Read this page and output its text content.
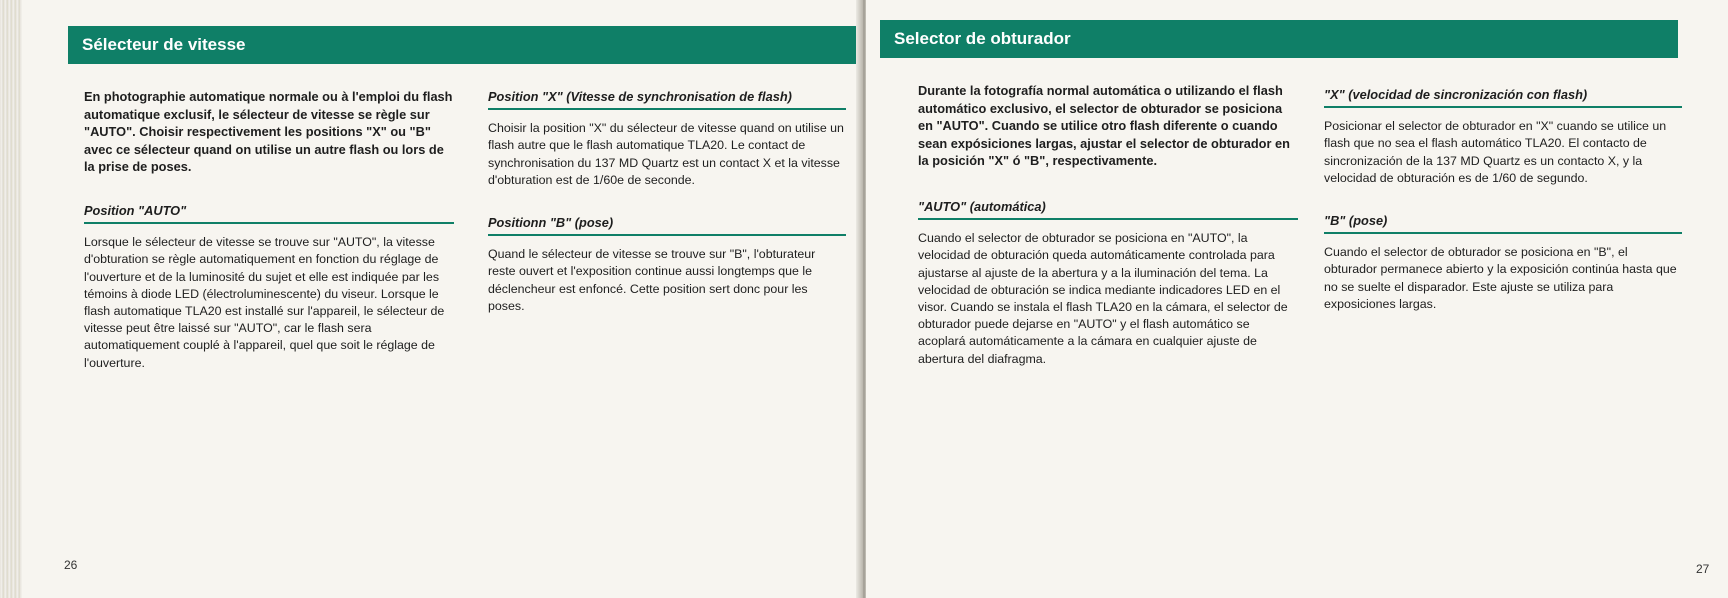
Sélecteur de vitesse

En photographie automatique normale ou à l'emploi du flash automatique exclusif, le sélecteur de vitesse se règle sur "AUTO". Choisir respectivement les positions "X" ou "B" avec ce sélecteur quand on utilise un autre flash ou lors de la prise de poses.

Position "AUTO"

Lorsque le sélecteur de vitesse se trouve sur "AUTO", la vitesse d'obturation se règle automatiquement en fonction du réglage de l'ouverture et de la luminosité du sujet et elle est indiquée par les témoins à diode LED (électroluminescente) du viseur. Lorsque le flash automatique TLA20 est installé sur l'appareil, le sélecteur de vitesse peut être laissé sur "AUTO", car le flash sera automatiquement couplé à l'appareil, quel que soit le réglage de l'ouverture.

Position "X" (Vitesse de synchronisation de flash)

Choisir la position "X" du sélecteur de vitesse quand on utilise un flash autre que le flash automatique TLA20. Le contact de synchronisation du 137 MD Quartz est un contact X et la vitesse d'obturation est de 1/60e de seconde.

Positionn "B" (pose)

Quand le sélecteur de vitesse se trouve sur "B", l'obturateur reste ouvert et l'exposition continue aussi longtemps que le déclencheur est enfoncé. Cette position sert donc pour les poses.

26
Selector de obturador

Durante la fotografía normal automática o utilizando el flash automático exclusivo, el selector de obturador se posiciona en "AUTO". Cuando se utilice otro flash diferente o cuando sean expósiciones largas, ajustar el selector de obturador en la posición "X" ó "B", respectivamente.

"AUTO" (automática)

Cuando el selector de obturador se posiciona en "AUTO", la velocidad de obturación queda automáticamente controlada para ajustarse al ajuste de la abertura y a la iluminación del tema. La velocidad de obturación se indica mediante indicadores LED en el visor. Cuando se instala el flash TLA20 en la cámara, el selector de obturador puede dejarse en "AUTO" y el flash automático se acoplará automáticamente a la cámara en cualquier ajuste de abertura del diafragma.

"X" (velocidad de sincronización con flash)

Posicionar el selector de obturador en "X" cuando se utilice un flash que no sea el flash automático TLA20. El contacto de sincronización de la 137 MD Quartz es un contacto X, y la velocidad de obturación es de 1/60 de segundo.

"B" (pose)

Cuando el selector de obturador se posiciona en "B", el obturador permanece abierto y la exposición continúa hasta que no se suelte el disparador. Este ajuste se utiliza para exposiciones largas.

27
